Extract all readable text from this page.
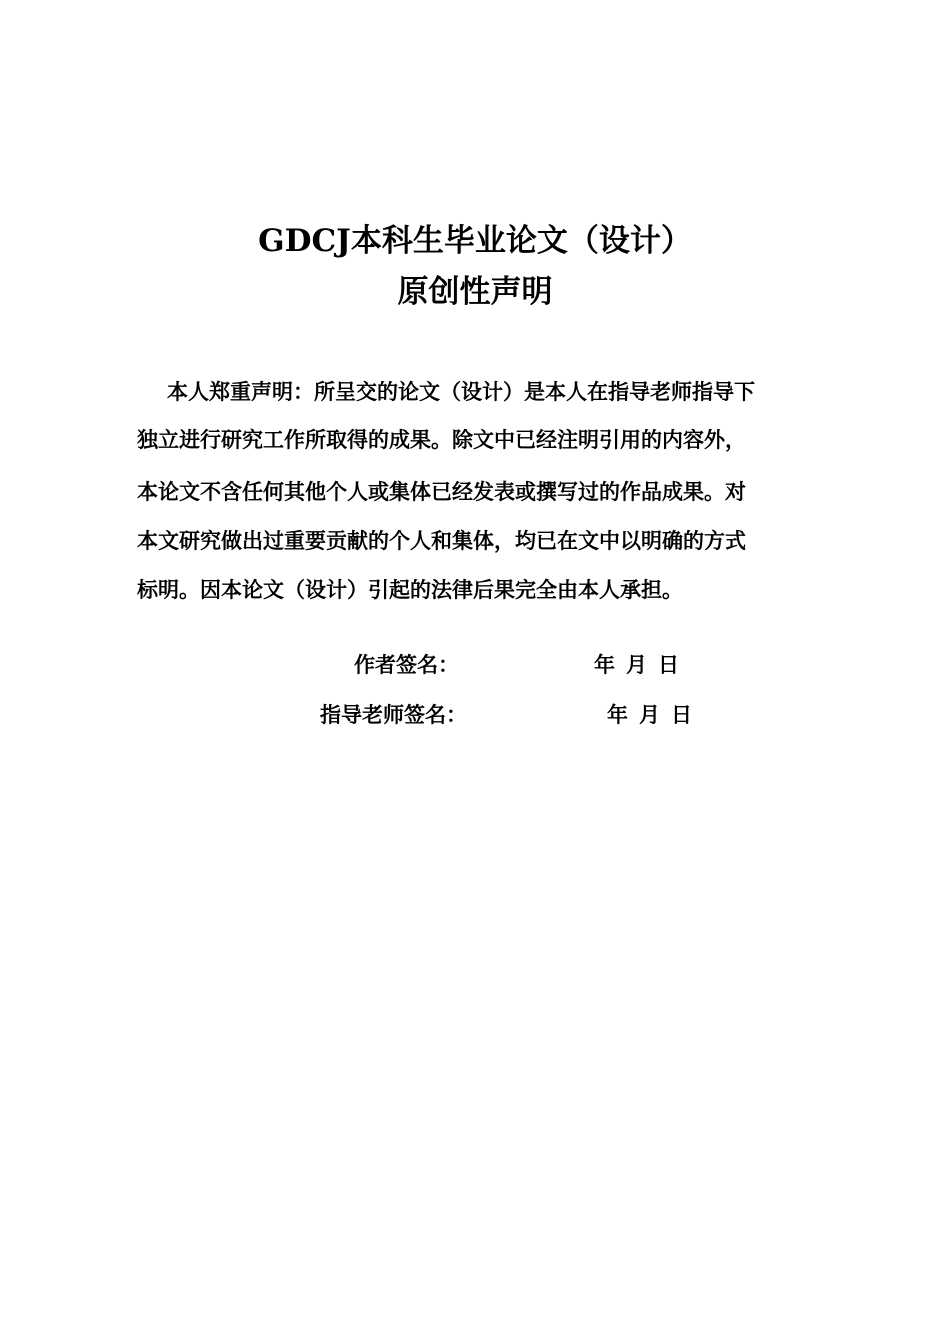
GDCJ本科生毕业论文（设计）
原创性声明

本人郑重声明：所呈交的论文（设计）是本人在指导老师指导下

独立进行研究工作所取得的成果。除文中已经注明引用的内容外，

本论文不含任何其他个人或集体已经发表或撰写过的作品成果。对

本文研究做出过重要贡献的个人和集体，均已在文中以明确的方式

标明。因本论文（设计）引起的法律后果完全由本人承担。

作者签名：	年 月 日
指导老师签名：	年 月 日
